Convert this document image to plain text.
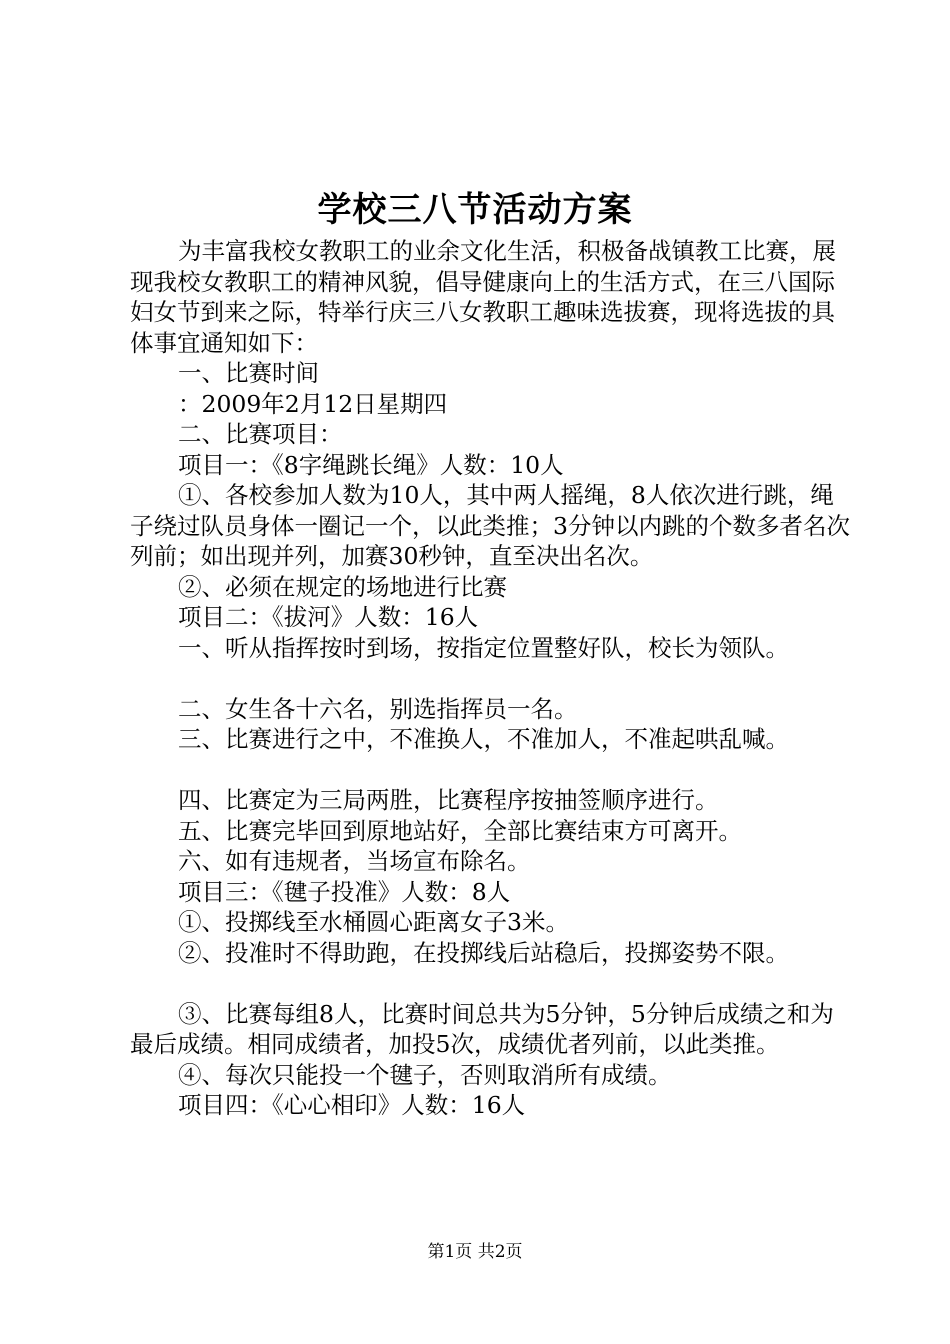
学校三八节活动方案

为丰富我校女教职工的业余文化生活，积极备战镇教工比赛，展现我校女教职工的精神风貌，倡导健康向上的生活方式，在三八国际妇女节到来之际，特举行庆三八女教职工趣味选拔赛，现将选拔的具体事宜通知如下：

一、比赛时间

：2009年2月12日星期四

二、比赛项目：

项目一：《8字绳跳长绳》人数：10人

①、各校参加人数为10人，其中两人摇绳，8人依次进行跳，绳子绕过队员身体一圈记一个，以此类推；3分钟以内跳的个数多者名次列前；如出现并列，加赛30秒钟，直至决出名次。

②、必须在规定的场地进行比赛

项目二：《拔河》人数：16人

一、听从指挥按时到场，按指定位置整好队，校长为领队。

二、女生各十六名，别选指挥员一名。

三、比赛进行之中，不准换人，不准加人，不准起哄乱喊。

四、比赛定为三局两胜，比赛程序按抽签顺序进行。

五、比赛完毕回到原地站好，全部比赛结束方可离开。

六、如有违规者，当场宣布除名。

项目三：《毽子投准》人数：8人

①、投掷线至水桶圆心距离女子3米。

②、投准时不得助跑，在投掷线后站稳后，投掷姿势不限。

③、比赛每组8人，比赛时间总共为5分钟，5分钟后成绩之和为最后成绩。相同成绩者，加投5次，成绩优者列前，以此类推。

④、每次只能投一个毽子，否则取消所有成绩。

项目四：《心心相印》人数：16人

第1页 共2页
